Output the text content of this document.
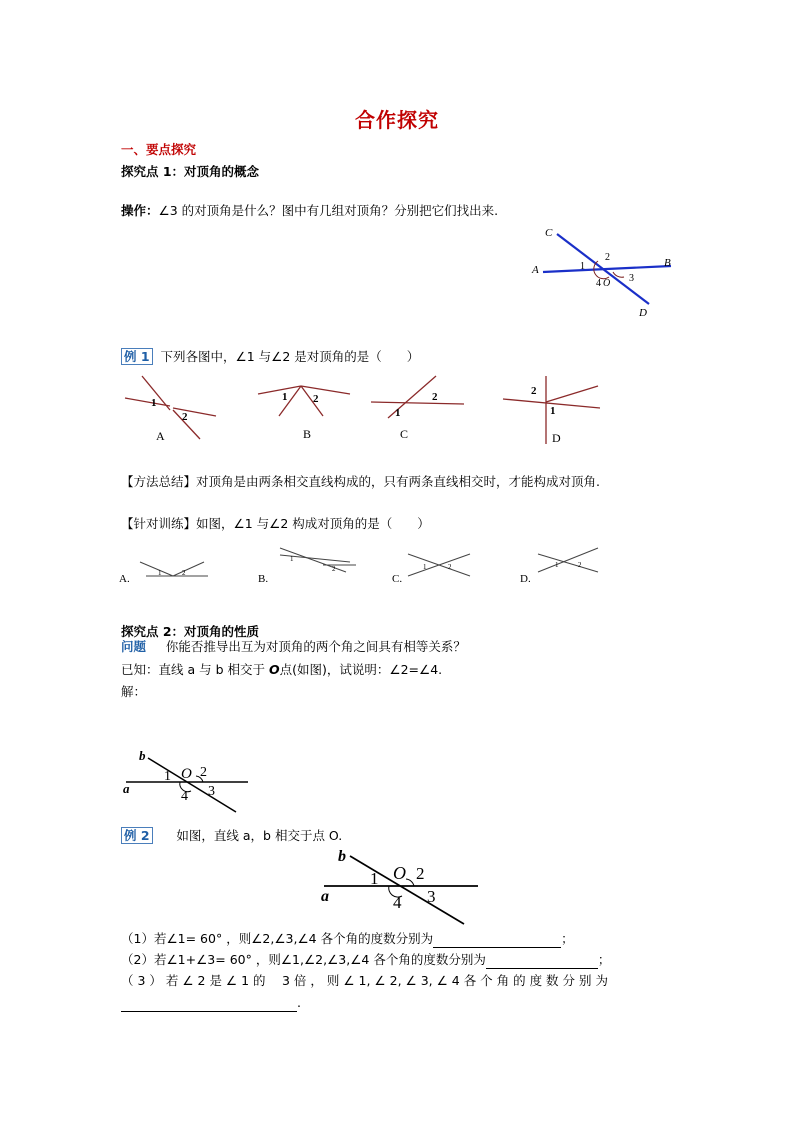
合作探究
一、要点探究
探究点 1：对顶角的概念
操作：∠3 的对顶角是什么？图中有几组对顶角？分别把它们找出来.
C
A
B
D
1
2
3
4 O
例 1 下列各图中，∠1 与∠2 是对顶角的是（　　）
1
2
A
1 2
B
1
2
C
2
1
D
【方法总结】对顶角是由两条相交直线构成的，只有两条直线相交时，才能构成对顶角.
【针对训练】如图，∠1 与∠2 构成对顶角的是（　　）
1	2
A.
1
2
B.
1	2
C.
1	2
D.
探究点 2：对顶角的性质
问题 你能否推导出互为对顶角的两个角之间具有相等关系？
已知：直线 a 与 b 相交于 O点(如图)，试说明：∠2=∠4.
解：
b
a
1 O 2
3
4
例 2 如图，直线 a，b 相交于点 O.
b
a
1 O 2
3
4
（1）若∠1= 60° ，则∠2,∠3,∠4 各个角的度数分别为	；
（2）若∠1+∠3= 60° ，则∠1,∠2,∠3,∠4 各个角的度数分别为	；
（ 3 ） 若 ∠ 2 是 ∠ 1 的　 3 倍 ， 则 ∠ 1, ∠ 2, ∠ 3, ∠ 4 各 个 角 的 度 数 分 别 为
.
